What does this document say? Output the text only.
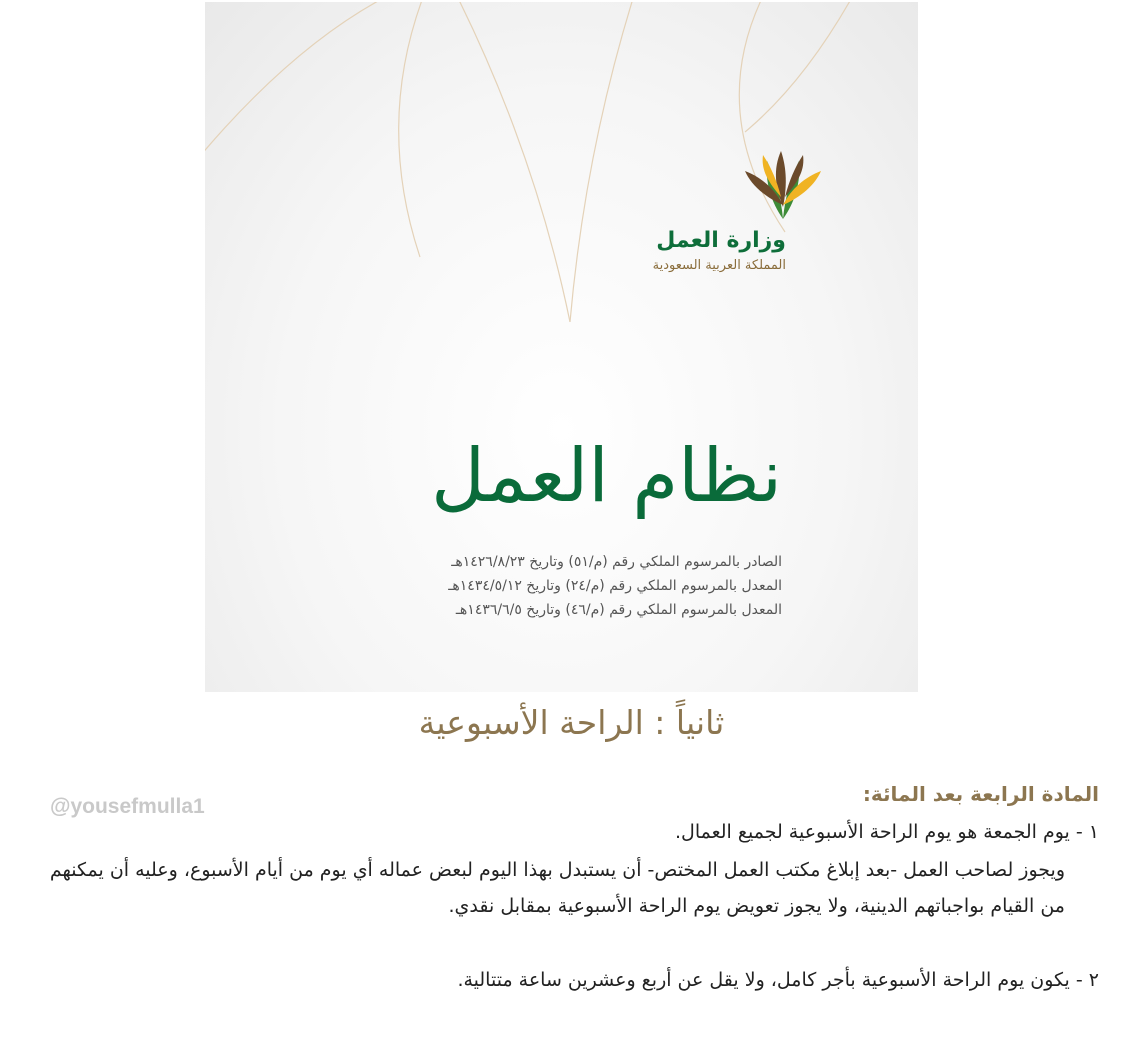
وزارة العمل
المملكة العربية السعودية
نظام العمل
الصادر بالمرسوم الملكي رقم (م/٥١) وتاريخ ١٤٢٦/٨/٢٣هـ
المعدل بالمرسوم الملكي رقم (م/٢٤) وتاريخ ١٤٣٤/٥/١٢هـ
المعدل بالمرسوم الملكي رقم (م/٤٦) وتاريخ ١٤٣٦/٦/٥هـ
ثانياً : الراحة الأسبوعية
@yousefmulla1
المادة الرابعة بعد المائة:
١ - يوم الجمعة هو يوم الراحة الأسبوعية لجميع العمال.
ويجوز لصاحب العمل -بعد إبلاغ مكتب العمل المختص- أن يستبدل بهذا اليوم لبعض عماله أي يوم من أيام الأسبوع، وعليه أن يمكنهم من القيام بواجباتهم الدينية، ولا يجوز تعويض يوم الراحة الأسبوعية بمقابل نقدي.
٢ - يكون يوم الراحة الأسبوعية بأجر كامل، ولا يقل عن أربع وعشرين ساعة متتالية.
